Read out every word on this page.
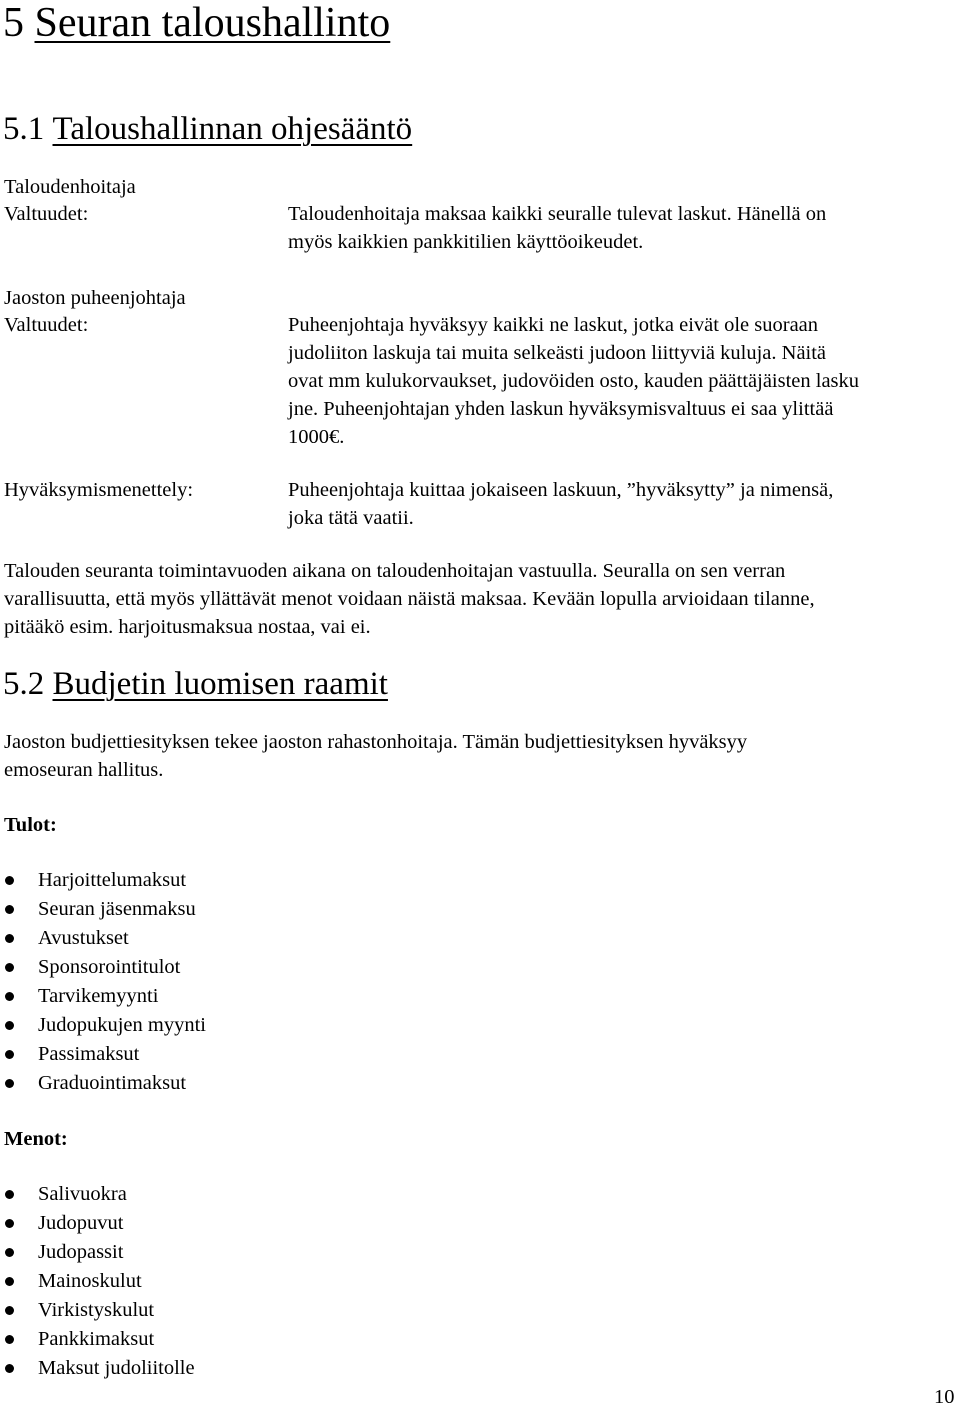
5 Seuran taloushallinto
5.1 Taloushallinnan ohjesääntö
Taloudenhoitaja
Valtuudet:	Taloudenhoitaja maksaa kaikki seuralle tulevat laskut. Hänellä on
myös kaikkien pankkitilien käyttöoikeudet.
Jaoston puheenjohtaja
Valtuudet:	Puheenjohtaja hyväksyy kaikki ne laskut, jotka eivät ole suoraan
judoliiton laskuja tai muita selkeästi judoon liittyviä kuluja. Näitä
ovat mm kulukorvaukset, judovöiden osto, kauden päättäjäisten lasku
jne. Puheenjohtajan yhden laskun hyväksymisvaltuus ei saa ylittää
1000€.
Hyväksymismenettely:	Puheenjohtaja kuittaa jokaiseen laskuun, ”hyväksytty” ja nimensä,
joka tätä vaatii.
Talouden seuranta toimintavuoden aikana on taloudenhoitajan vastuulla. Seuralla on sen verran
varallisuutta, että myös yllättävät menot voidaan näistä maksaa. Kevään lopulla arvioidaan tilanne,
pitääkö esim. harjoitusmaksua nostaa, vai ei.
5.2 Budjetin luomisen raamit
Jaoston budjettiesityksen tekee jaoston rahastonhoitaja. Tämän budjettiesityksen hyväksyy
emoseuran hallitus.
Tulot:
Harjoittelumaksut
Seuran jäsenmaksu
Avustukset
Sponsorointitulot
Tarvikemyynti
Judopukujen myynti
Passimaksut
Graduointimaksut
Menot:
Salivuokra
Judopuvut
Judopassit
Mainoskulut
Virkistyskulut
Pankkimaksut
Maksut judoliitolle
10
